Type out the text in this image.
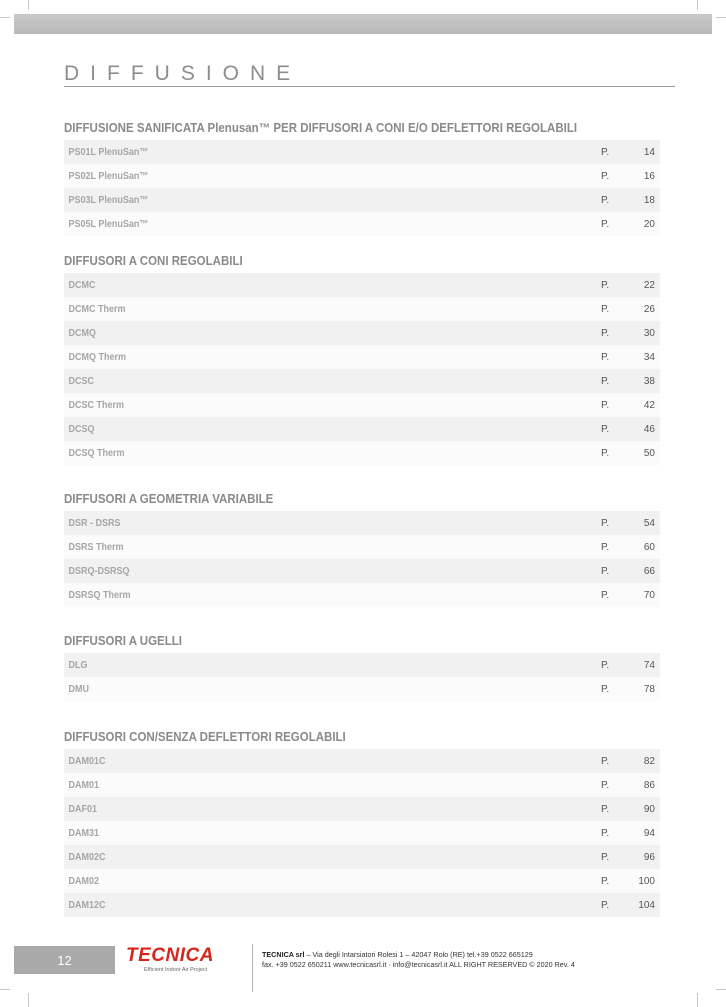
DIFFUSIONE
DIFFUSIONE SANIFICATA Plenusan™ PER DIFFUSORI A CONI E/O DEFLETTORI REGOLABILI
PS01L PlenuSan™	P.	14
PS02L PlenuSan™	P.	16
PS03L PlenuSan™	P.	18
PS05L PlenuSan™	P.	20
DIFFUSORI A CONI REGOLABILI
DCMC	P.	22
DCMC Therm	P.	26
DCMQ	P.	30
DCMQ Therm	P.	34
DCSC	P.	38
DCSC Therm	P.	42
DCSQ	P.	46
DCSQ Therm	P.	50
DIFFUSORI A GEOMETRIA VARIABILE
DSR - DSRS	P.	54
DSRS Therm	P.	60
DSRQ-DSRSQ	P.	66
DSRSQ Therm	P.	70
DIFFUSORI A UGELLI
DLG	P.	74
DMU	P.	78
DIFFUSORI CON/SENZA DEFLETTORI REGOLABILI
DAM01C	P.	82
DAM01	P.	86
DAF01	P.	90
DAM31	P.	94
DAM02C	P.	96
DAM02	P.	100
DAM12C	P.	104
12	TECNICA
Efficient Indoor Air Project
TECNICA srl – Via degli Intarsiatori Rolesi 1 – 42047 Rolo (RE) tel.+39 0522 665129
fax. +39 0522 650211 www.tecnicasrl.it · info@tecnicasrl.it ALL RIGHT RESERVED © 2020 Rev. 4
